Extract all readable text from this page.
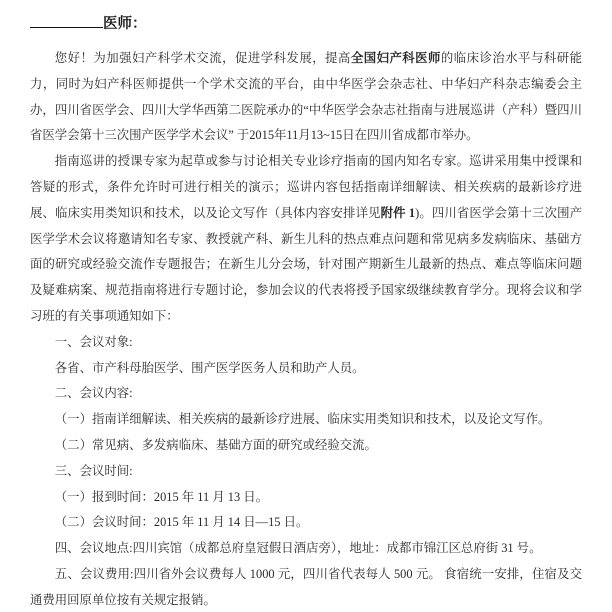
医师：

您好！为加强妇产科学术交流，促进学科发展，提高全国妇产科医师的临床诊治水平与科研能力，同时为妇产科医师提供一个学术交流的平台，由中华医学会杂志社、中华妇产科杂志编委会主办，四川省医学会、四川大学华西第二医院承办的“中华医学会杂志社指南与进展巡讲（产科）暨四川省医学会第十三次围产医学学术会议” 于2015年11月13~15日在四川省成都市举办。

指南巡讲的授课专家为起草或参与讨论相关专业诊疗指南的国内知名专家。巡讲采用集中授课和答疑的形式，条件允许时可进行相关的演示；巡讲内容包括指南详细解读、相关疾病的最新诊疗进展、临床实用类知识和技术，以及论文写作（具体内容安排详见附件 1)。四川省医学会第十三次围产医学学术会议将邀请知名专家、教授就产科、新生儿科的热点难点问题和常见病多发病临床、基础方面的研究或经验交流作专题报告；在新生儿分会场，针对围产期新生儿最新的热点、难点等临床问题及疑难病案、规范指南将进行专题讨论，参加会议的代表将授予国家级继续教育学分。现将会议和学习班的有关事项通知如下：

一、会议对象:

各省、市产科母胎医学、围产医学医务人员和助产人员。

二、会议内容:

（一）指南详细解读、相关疾病的最新诊疗进展、临床实用类知识和技术，以及论文写作。

（二）常见病、多发病临床、基础方面的研究或经验交流。

三、会议时间:

（一）报到时间：2015 年 11 月 13 日。

（二）会议时间：2015 年 11 月 14 日—15 日。

四、会议地点:四川宾馆（成都总府皇冠假日酒店旁），地址：成都市锦江区总府街 31 号。

五、会议费用:四川省外会议费每人 1000 元，四川省代表每人 500 元。 食宿统一安排，住宿及交通费用回原单位按有关规定报销。
